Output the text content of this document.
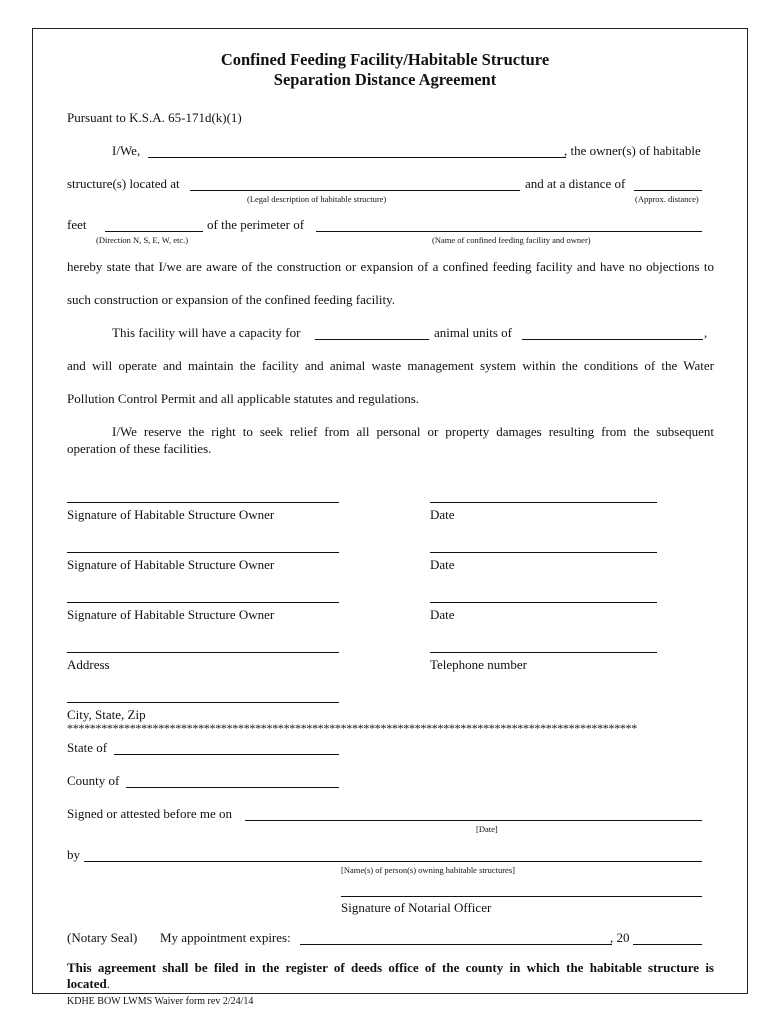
Confined Feeding Facility/Habitable Structure
Separation Distance Agreement
Pursuant to K.S.A. 65-171d(k)(1)
I/We,	, the owner(s) of habitable
structure(s) located at
(Legal description of habitable structure)
and at a distance of
(Approx. distance)
feet
(Direction N, S, E, W, etc.)
of the perimeter of
(Name of confined feeding facility and owner)
hereby state that I/we are aware of the construction or expansion of a confined feeding facility and have no objections to
such construction or expansion of the confined feeding facility.
This facility will have a capacity for	animal units of	,
and will operate and maintain the facility and animal waste management system within the conditions of the Water
Pollution Control Permit and all applicable statutes and regulations.
I/We reserve the right to seek relief from all personal or property damages resulting from the subsequent
operation of these facilities.
Signature of Habitable Structure Owner	Date
Signature of Habitable Structure Owner	Date
Signature of Habitable Structure Owner	Date
Address	Telephone number
City, State, Zip
****************************************************************************************************
State of
County of
Signed or attested before me on
[Date]
by
[Name(s) of person(s) owning habitable structures]
Signature of Notarial Officer
(Notary Seal) My appointment expires:	, 20
This agreement shall be filed in the register of deeds office of the county in which the habitable structure is
located.
KDHE BOW LWMS Waiver form rev 2/24/14
